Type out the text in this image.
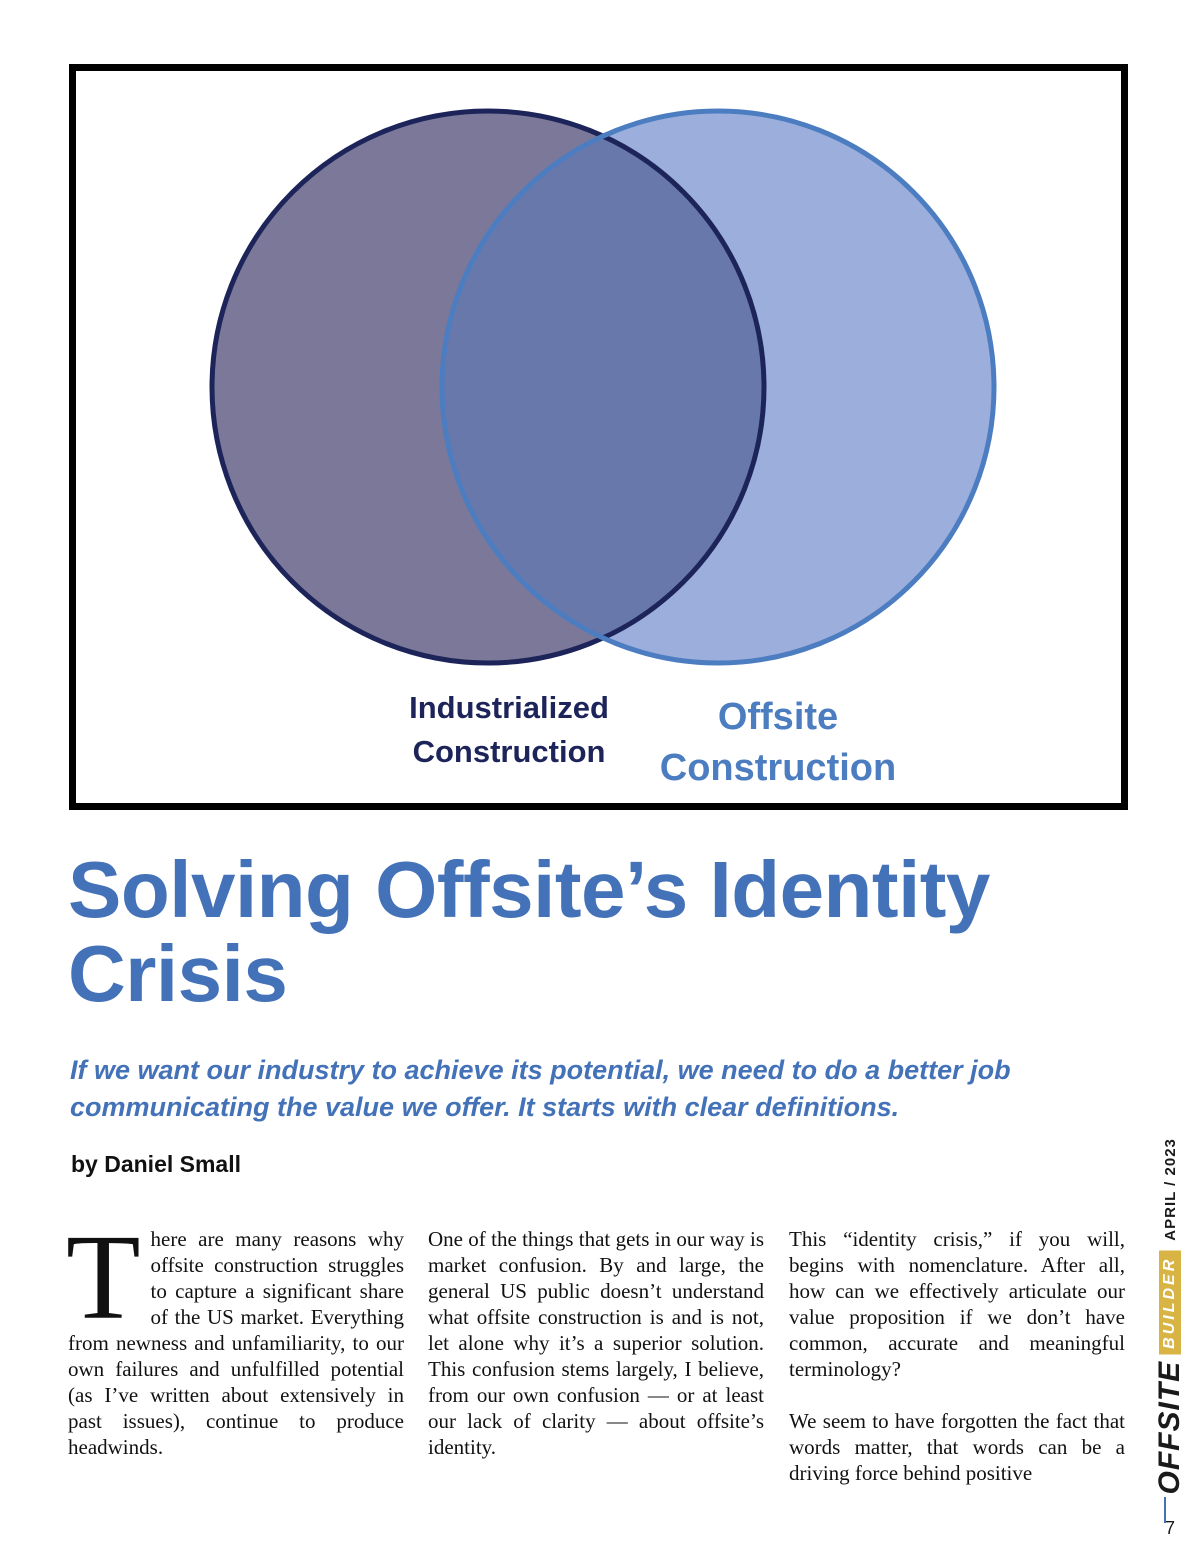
Industrialized
Construction
Offsite
Construction
Solving Offsite’s Identity Crisis

If we want our industry to achieve its potential, we need to do a better job communicating the value we offer. It starts with clear definitions.

by Daniel Small

There are many reasons why offsite construction struggles to capture a significant share of the US market. Everything from newness and unfamiliarity, to our own failures and unfulfilled potential (as I’ve written about extensively in past issues), continue to produce headwinds.

One of the things that gets in our way is market confusion. By and large, the general US public doesn’t understand what offsite construction is and is not, let alone why it’s a superior solution. This confusion stems largely, I believe, from our own confusion — or at least our lack of clarity — about offsite’s identity.

This “identity crisis,” if you will, begins with nomenclature. After all, how can we effectively articulate our value proposition if we don’t have common, accurate and meaningful terminology?

We seem to have forgotten the fact that words matter, that words can be a driving force behind positive	OFFSITE
BUILDER
APRIL / 2023
7
